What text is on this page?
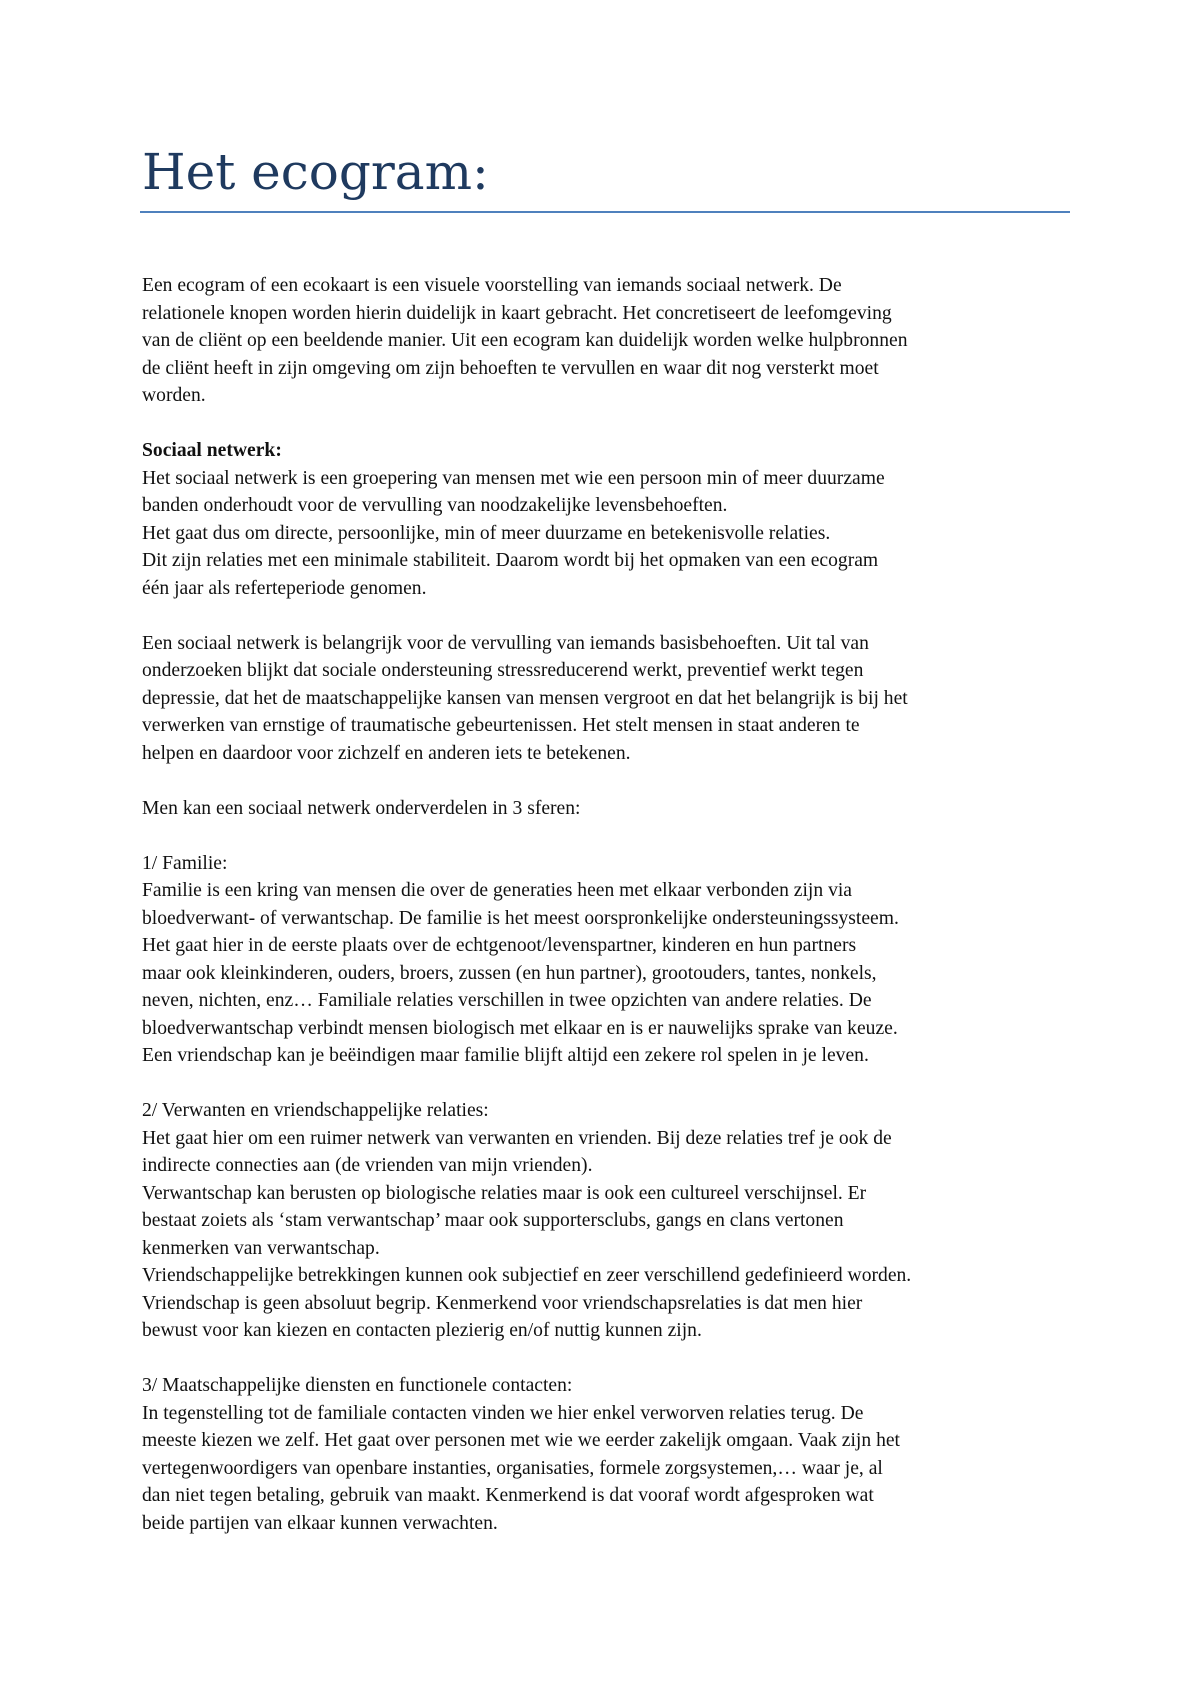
Het ecogram:
Een ecogram of een ecokaart is een visuele voorstelling van iemands sociaal netwerk. De
relationele knopen worden hierin duidelijk in kaart gebracht. Het concretiseert de leefomgeving
van de cliënt op een beeldende manier. Uit een ecogram kan duidelijk worden welke hulpbronnen
de cliënt heeft in zijn omgeving om zijn behoeften te vervullen en waar dit nog versterkt moet
worden.
Sociaal netwerk:
Het sociaal netwerk is een groepering van mensen met wie een persoon min of meer duurzame
banden onderhoudt voor de vervulling van noodzakelijke levensbehoeften.
Het gaat dus om directe, persoonlijke, min of meer duurzame en betekenisvolle relaties.
Dit zijn relaties met een minimale stabiliteit. Daarom wordt bij het opmaken van een ecogram
één jaar als referteperiode genomen.
Een sociaal netwerk is belangrijk voor de vervulling van iemands basisbehoeften. Uit tal van
onderzoeken blijkt dat sociale ondersteuning stressreducerend werkt, preventief werkt tegen
depressie, dat het de maatschappelijke kansen van mensen vergroot en dat het belangrijk is bij het
verwerken van ernstige of traumatische gebeurtenissen. Het stelt mensen in staat anderen te
helpen en daardoor voor zichzelf en anderen iets te betekenen.
Men kan een sociaal netwerk onderverdelen in 3 sferen:
1/ Familie:
Familie is een kring van mensen die over de generaties heen met elkaar verbonden zijn via
bloedverwant- of verwantschap. De familie is het meest oorspronkelijke ondersteuningssysteem.
Het gaat hier in de eerste plaats over de echtgenoot/levenspartner, kinderen en hun partners
maar ook kleinkinderen, ouders, broers, zussen (en hun partner), grootouders, tantes, nonkels,
neven, nichten, enz… Familiale relaties verschillen in twee opzichten van andere relaties. De
bloedverwantschap verbindt mensen biologisch met elkaar en is er nauwelijks sprake van keuze.
Een vriendschap kan je beëindigen maar familie blijft altijd een zekere rol spelen in je leven.
2/ Verwanten en vriendschappelijke relaties:
Het gaat hier om een ruimer netwerk van verwanten en vrienden. Bij deze relaties tref je ook de
indirecte connecties aan (de vrienden van mijn vrienden).
Verwantschap kan berusten op biologische relaties maar is ook een cultureel verschijnsel. Er
bestaat zoiets als ‘stam verwantschap’ maar ook supportersclubs, gangs en clans vertonen
kenmerken van verwantschap.
Vriendschappelijke betrekkingen kunnen ook subjectief en zeer verschillend gedefinieerd worden.
Vriendschap is geen absoluut begrip. Kenmerkend voor vriendschapsrelaties is dat men hier
bewust voor kan kiezen en contacten plezierig en/of nuttig kunnen zijn.
3/ Maatschappelijke diensten en functionele contacten:
In tegenstelling tot de familiale contacten vinden we hier enkel verworven relaties terug. De
meeste kiezen we zelf. Het gaat over personen met wie we eerder zakelijk omgaan. Vaak zijn het
vertegenwoordigers van openbare instanties, organisaties, formele zorgsystemen,… waar je, al
dan niet tegen betaling, gebruik van maakt. Kenmerkend is dat vooraf wordt afgesproken wat
beide partijen van elkaar kunnen verwachten.
